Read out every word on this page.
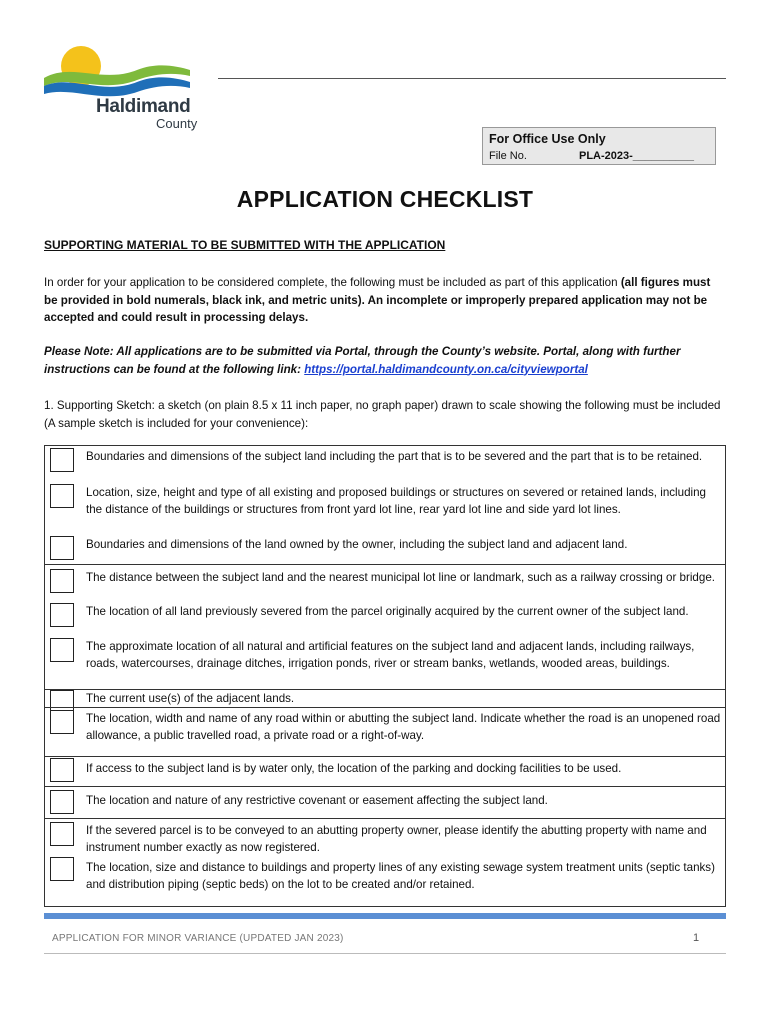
Haldimand
County
For Office Use Only
File No.	PLA-2023-__________
APPLICATION CHECKLIST
SUPPORTING MATERIAL TO BE SUBMITTED WITH THE APPLICATION
In order for your application to be considered complete, the following must be included as part of this application (all figures must be provided in bold numerals, black ink, and metric units). An incomplete or improperly prepared application may not be accepted and could result in processing delays.
Please Note: All applications are to be submitted via Portal, through the County’s website. Portal, along with further instructions can be found at the following link: https://portal.haldimandcounty.on.ca/cityviewportal
1. Supporting Sketch: a sketch (on plain 8.5 x 11 inch paper, no graph paper) drawn to scale showing the following must be included (A sample sketch is included for your convenience):
Boundaries and dimensions of the subject land including the part that is to be severed and the part that is to be retained.
Location, size, height and type of all existing and proposed buildings or structures on severed or retained lands, including the distance of the buildings or structures from front yard lot line, rear yard lot line and side yard lot lines.
Boundaries and dimensions of the land owned by the owner, including the subject land and adjacent land.
The distance between the subject land and the nearest municipal lot line or landmark, such as a railway crossing or bridge.
The location of all land previously severed from the parcel originally acquired by the current owner of the subject land.
The approximate location of all natural and artificial features on the subject land and adjacent lands, including railways, roads, watercourses, drainage ditches, irrigation ponds, river or stream banks, wetlands, wooded areas, buildings.
The current use(s) of the adjacent lands.
The location, width and name of any road within or abutting the subject land. Indicate whether the road is an unopened road allowance, a public travelled road, a private road or a right-of-way.
If access to the subject land is by water only, the location of the parking and docking facilities to be used.
The location and nature of any restrictive covenant or easement affecting the subject land.
If the severed parcel is to be conveyed to an abutting property owner, please identify the abutting property with name and instrument number exactly as now registered.
The location, size and distance to buildings and property lines of any existing sewage system treatment units (septic tanks) and distribution piping (septic beds) on the lot to be created and/or retained.
APPLICATION FOR MINOR VARIANCE (UPDATED JAN 2023)	1
